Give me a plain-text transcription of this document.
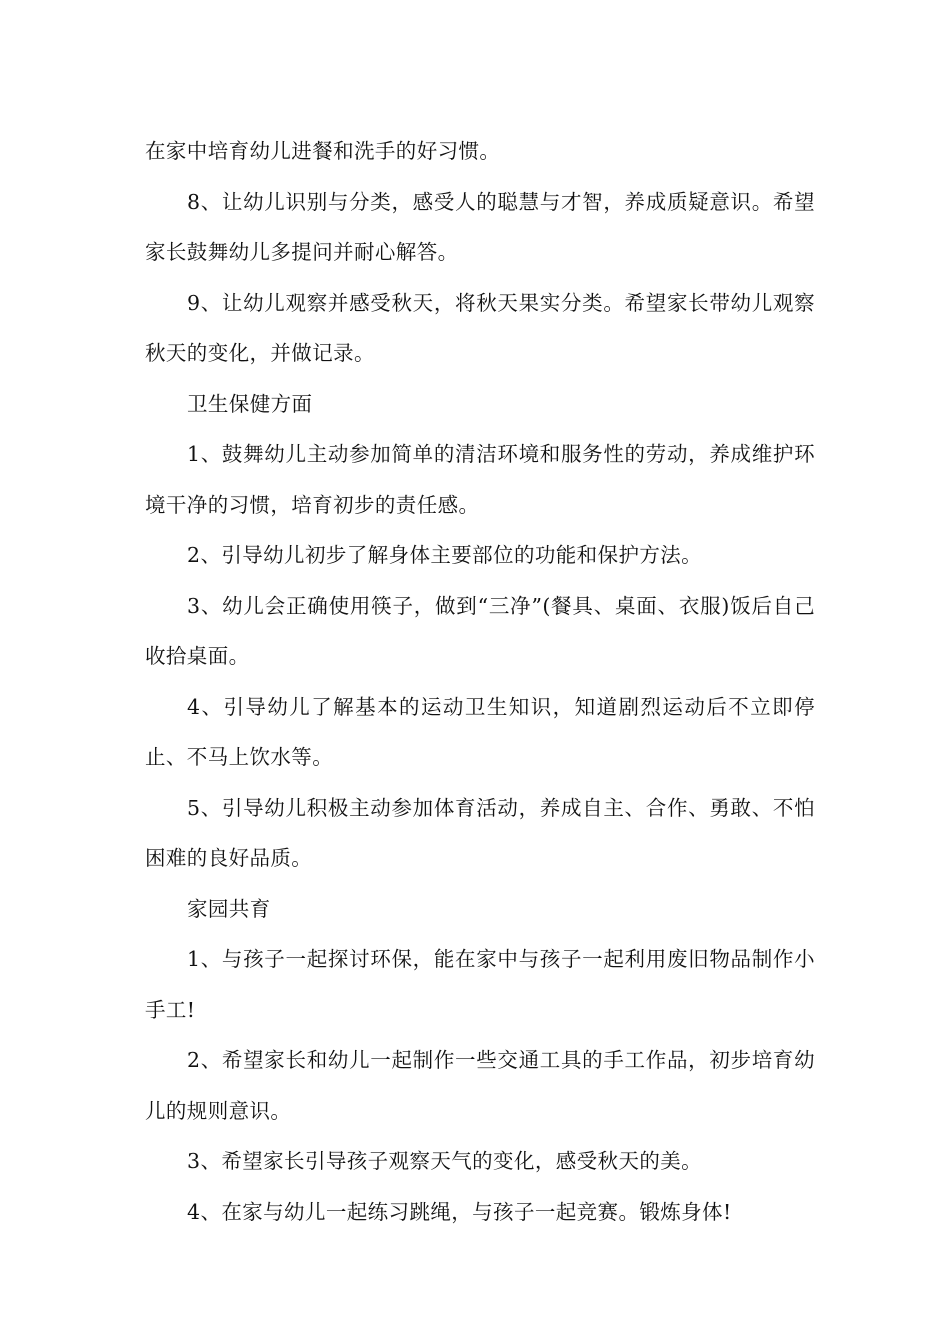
在家中培育幼儿进餐和洗手的好习惯。

8、让幼儿识别与分类，感受人的聪慧与才智，养成质疑意识。希望家长鼓舞幼儿多提问并耐心解答。

9、让幼儿观察并感受秋天，将秋天果实分类。希望家长带幼儿观察秋天的变化，并做记录。

卫生保健方面

1、鼓舞幼儿主动参加简单的清洁环境和服务性的劳动，养成维护环境干净的习惯，培育初步的责任感。

2、引导幼儿初步了解身体主要部位的功能和保护方法。

3、幼儿会正确使用筷子，做到“三净”(餐具、桌面、衣服)饭后自己收拾桌面。

4、引导幼儿了解基本的运动卫生知识，知道剧烈运动后不立即停止、不马上饮水等。

5、引导幼儿积极主动参加体育活动，养成自主、合作、勇敢、不怕困难的良好品质。

家园共育

1、与孩子一起探讨环保，能在家中与孩子一起利用废旧物品制作小手工!

2、希望家长和幼儿一起制作一些交通工具的手工作品，初步培育幼儿的规则意识。

3、希望家长引导孩子观察天气的变化，感受秋天的美。

4、在家与幼儿一起练习跳绳，与孩子一起竞赛。锻炼身体!
